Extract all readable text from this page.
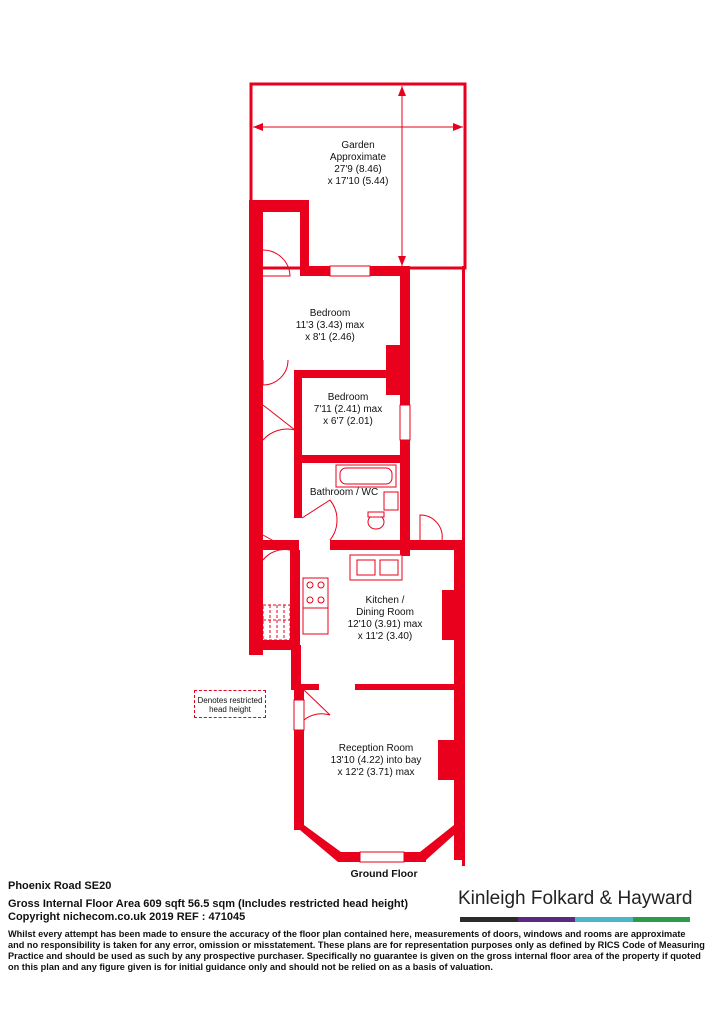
Garden
Approximate
27'9 (8.46)
x 17'10 (5.44)
Bedroom
11'3 (3.43) max
x 8'1 (2.46)
Bedroom
7'11 (2.41) max
x 6'7 (2.01)
Bathroom / WC
Kitchen /
Dining Room
12'10 (3.91) max
x 11'2 (3.40)
Reception Room
13'10 (4.22) into bay
x 12'2 (3.71) max
Denotes restricted
head height
Ground Floor
Phoenix Road SE20
Gross Internal Floor Area 609 sqft 56.5 sqm (Includes restricted head height)
Copyright nichecom.co.uk 2019 REF : 471045
Kinleigh Folkard & Hayward
Whilst every attempt has been made to ensure the accuracy of the floor plan contained here, measurements of doors, windows and rooms are approximate
and no responsibility is taken for any error, omission or misstatement. These plans are for representation purposes only as defined by RICS Code of Measuring
Practice and should be used as such by any prospective purchaser. Specifically no guarantee is given on the gross internal floor area of the property if quoted
on this plan and any figure given is for initial guidance only and should not be relied on as a basis of valuation.
